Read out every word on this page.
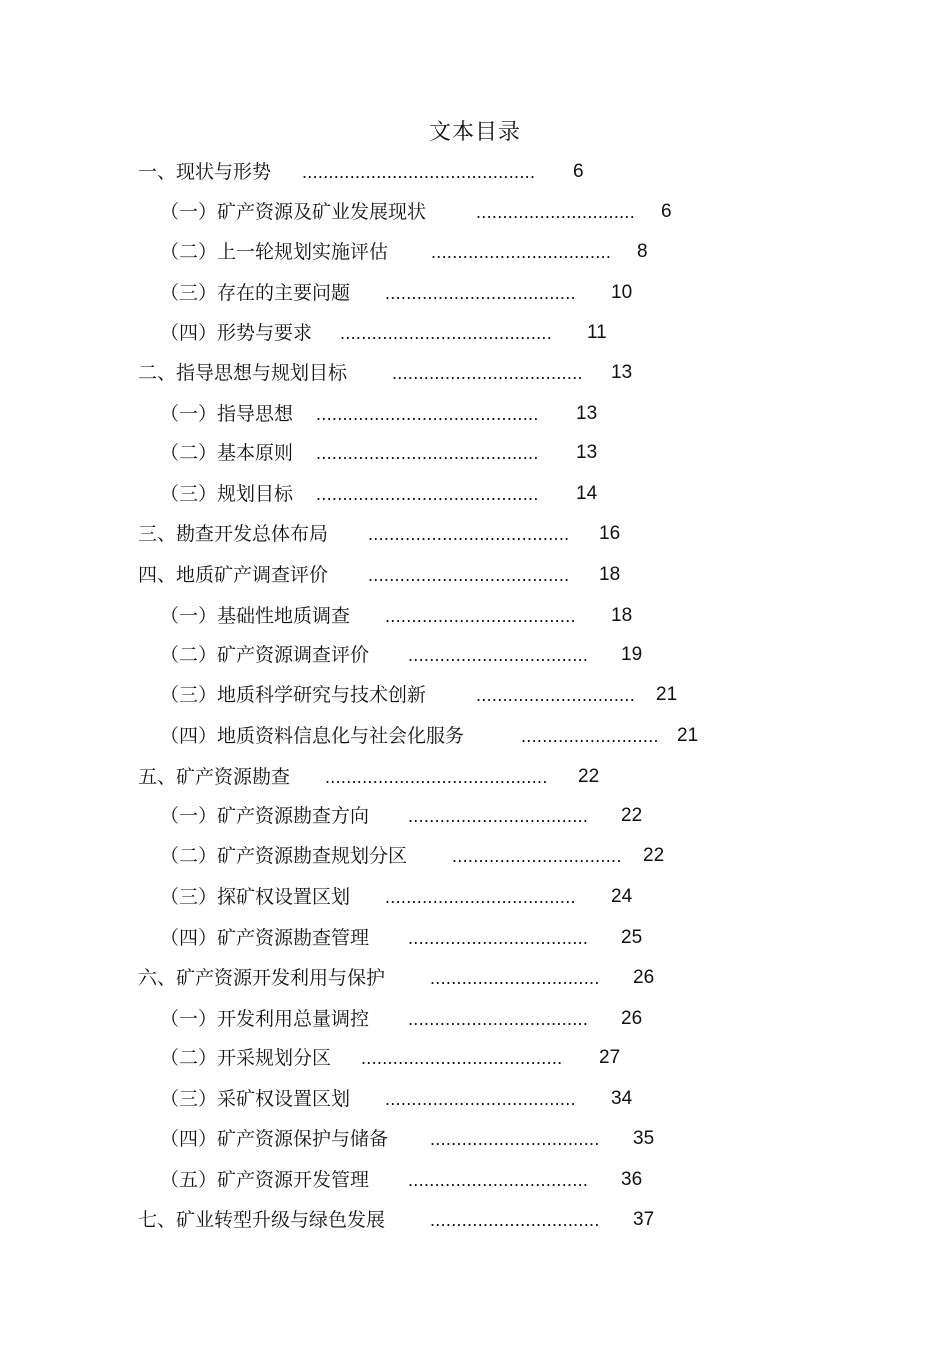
文本目录
一、现状与形势 ............................................	6
（一）矿产资源及矿业发展现状	..............................	6
（二）上一轮规划实施评估 ..................................	8
（三）存在的主要问题 ....................................	10
（四）形势与要求 ........................................	11
二、指导思想与规划目标 ....................................	13
（一）指导思想 ..........................................	13
（二）基本原则 ..........................................	13
（三）规划目标 ..........................................	14
三、勘查开发总体布局 ......................................	16
四、地质矿产调查评价 ......................................	18
（一）基础性地质调查 ....................................	18
（二）矿产资源调查评价 ..................................	19
（三）地质科学研究与技术创新	..............................	21
（四）地质资料信息化与社会化服务	.......................... 21
五、矿产资源勘查 ..........................................	22
（一）矿产资源勘查方向 ..................................	22
（二）矿产资源勘查规划分区 ................................	22
（三）探矿权设置区划 ....................................	24
（四）矿产资源勘查管理 ..................................	25
六、矿产资源开发利用与保护 ................................	26
（一）开发利用总量调控 ..................................	26
（二）开采规划分区 ......................................	27
（三）采矿权设置区划 ....................................	34
（四）矿产资源保护与储备 ................................	35
（五）矿产资源开发管理 ..................................	36
七、矿业转型升级与绿色发展 ................................	37
